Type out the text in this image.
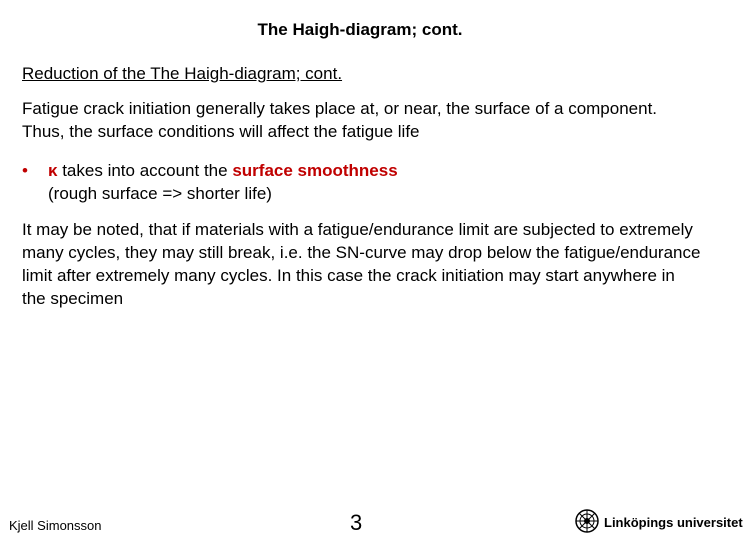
The Haigh-diagram; cont.
Reduction of the The Haigh-diagram; cont.
Fatigue crack initiation generally takes place at, or near, the surface of a component. Thus, the surface conditions will affect the fatigue life
• κ takes into account the surface smoothness
(rough surface => shorter life)
It may be noted, that if materials with a fatigue/endurance limit are subjected to extremely many cycles, they may still break, i.e. the SN-curve may drop below the fatigue/endurance limit after extremely many cycles. In this case the crack initiation may start anywhere in the specimen
Kjell Simonsson	3	Linköpings universitet
